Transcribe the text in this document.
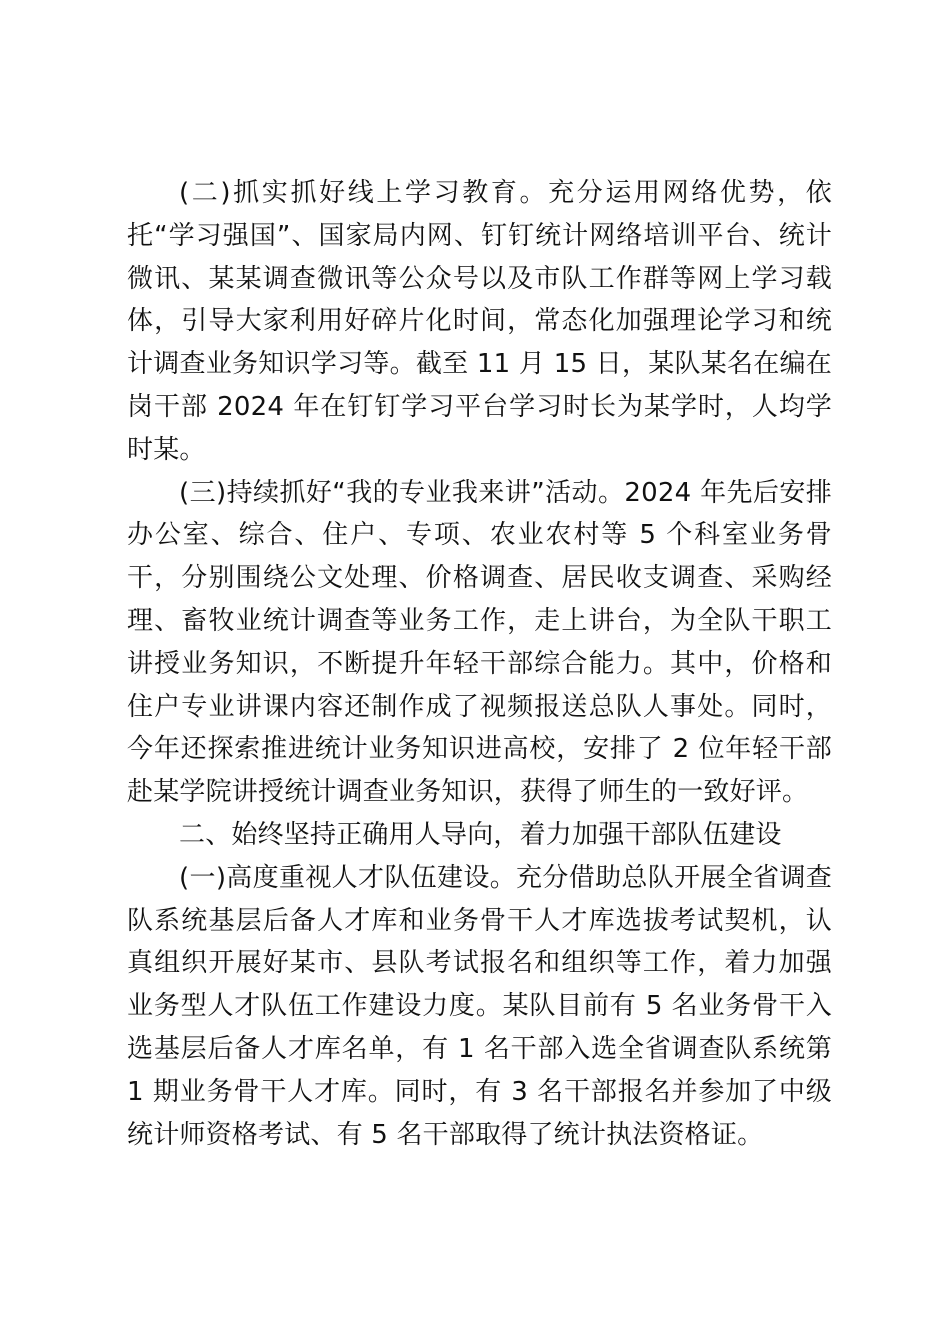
(二)抓实抓好线上学习教育。充分运用网络优势，依托“学习强国”、国家局内网、钉钉统计网络培训平台、统计微讯、某某调查微讯等公众号以及市队工作群等网上学习载体，引导大家利用好碎片化时间，常态化加强理论学习和统计调查业务知识学习等。截至 11 月 15 日，某队某名在编在岗干部 2024 年在钉钉学习平台学习时长为某学时，人均学时某。

(三)持续抓好“我的专业我来讲”活动。2024 年先后安排办公室、综合、住户、专项、农业农村等 5 个科室业务骨干，分别围绕公文处理、价格调查、居民收支调查、采购经理、畜牧业统计调查等业务工作，走上讲台，为全队干职工讲授业务知识，不断提升年轻干部综合能力。其中，价格和住户专业讲课内容还制作成了视频报送总队人事处。同时，今年还探索推进统计业务知识进高校，安排了 2 位年轻干部赴某学院讲授统计调查业务知识，获得了师生的一致好评。

二、始终坚持正确用人导向，着力加强干部队伍建设

(一)高度重视人才队伍建设。充分借助总队开展全省调查队系统基层后备人才库和业务骨干人才库选拔考试契机，认真组织开展好某市、县队考试报名和组织等工作，着力加强业务型人才队伍工作建设力度。某队目前有 5 名业务骨干入选基层后备人才库名单，有 1 名干部入选全省调查队系统第 1 期业务骨干人才库。同时，有 3 名干部报名并参加了中级统计师资格考试、有 5 名干部取得了统计执法资格证。
